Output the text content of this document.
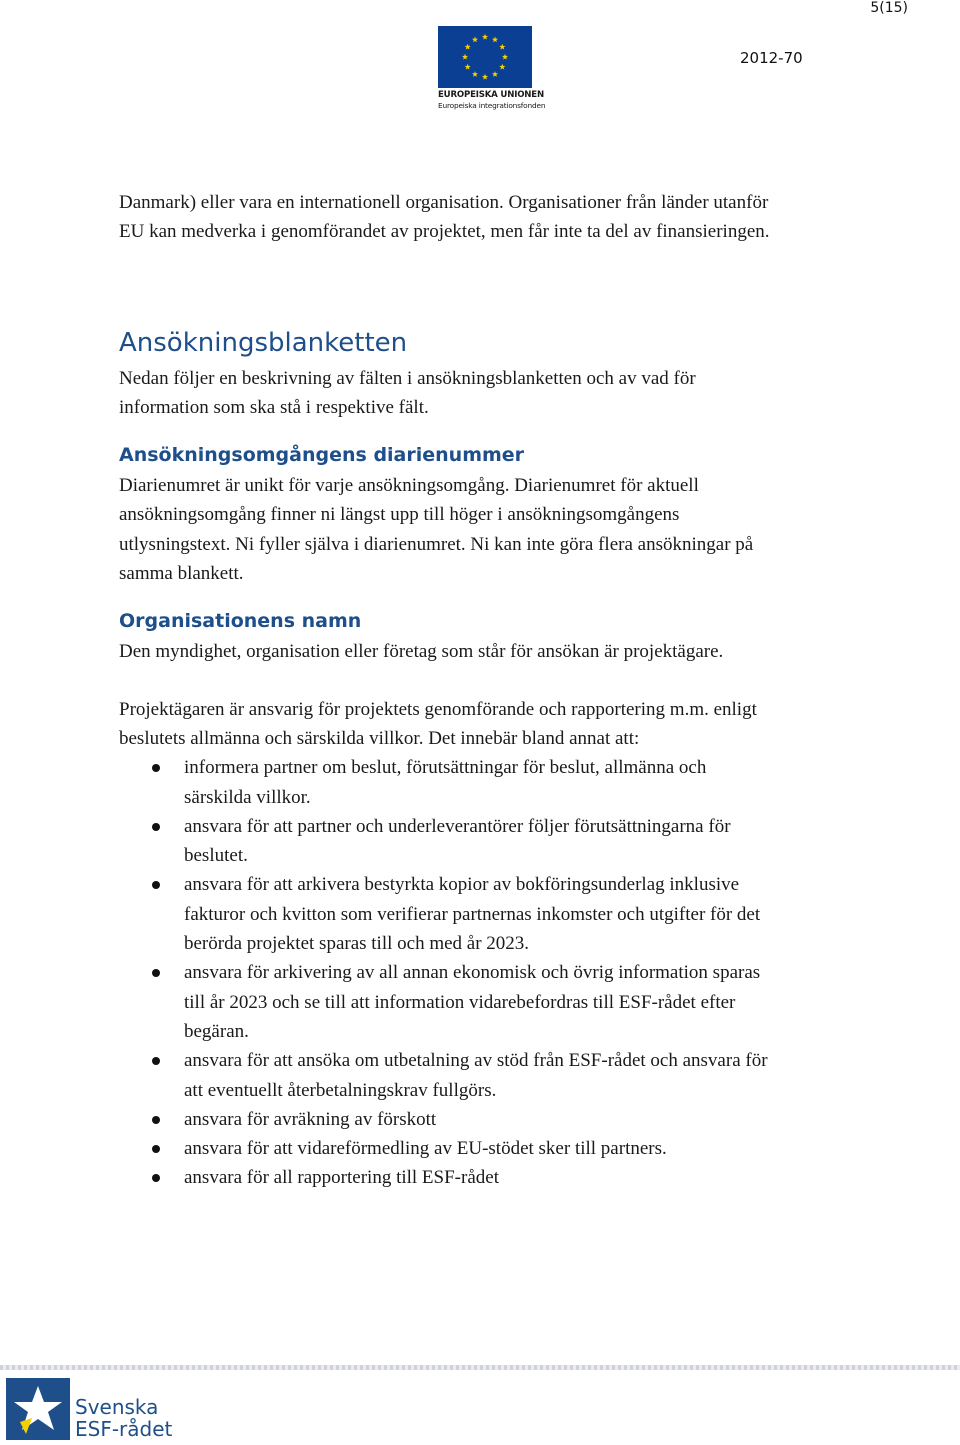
5(15)
2012-70
EUROPEISKA UNIONEN
Europeiska integrationsfonden

Danmark) eller vara en internationell organisation. Organisationer från länder utanför
EU kan medverka i genomförandet av projektet, men får inte ta del av finansieringen.

Ansökningsblanketten

Nedan följer en beskrivning av fälten i ansökningsblanketten och av vad för
information som ska stå i respektive fält.

Ansökningsomgångens diarienummer

Diarienumret är unikt för varje ansökningsomgång. Diarienumret för aktuell
ansökningsomgång finner ni längst upp till höger i ansökningsomgångens
utlysningstext. Ni fyller själva i diarienumret. Ni kan inte göra flera ansökningar på
samma blankett.

Organisationens namn

Den myndighet, organisation eller företag som står för ansökan är projektägare.

Projektägaren är ansvarig för projektets genomförande och rapportering m.m. enligt
beslutets allmänna och särskilda villkor. Det innebär bland annat att:

informera partner om beslut, förutsättningar för beslut, allmänna och
särskilda villkor.
ansvara för att partner och underleverantörer följer förutsättningarna för
beslutet.
ansvara för att arkivera bestyrkta kopior av bokföringsunderlag inklusive
fakturor och kvitton som verifierar partnernas inkomster och utgifter för det
berörda projektet sparas till och med år 2023.
ansvara för arkivering av all annan ekonomisk och övrig information sparas
till år 2023 och se till att information vidarebefordras till ESF-rådet efter
begäran.
ansvara för att ansöka om utbetalning av stöd från ESF-rådet och ansvara för
att eventuellt återbetalningskrav fullgörs.
ansvara för avräkning av förskott
ansvara för att vidareförmedling av EU-stödet sker till partners.
ansvara för all rapportering till ESF-rådet
Svenska
ESF-rådet
